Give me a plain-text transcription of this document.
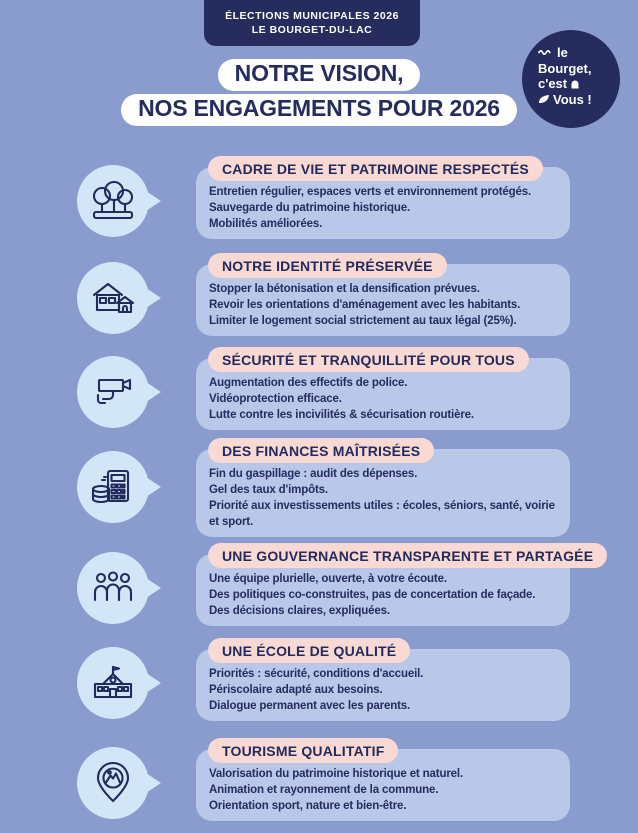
ÉLECTIONS MUNICIPALES 2026
LE BOURGET-DU-LAC
le
Bourget,
c'est
Vous !
NOTRE VISION,
NOS ENGAGEMENTS POUR 2026
CADRE DE VIE ET PATRIMOINE RESPECTÉS
Entretien régulier, espaces verts et environnement protégés.
Sauvegarde du patrimoine historique.
Mobilités améliorées.
NOTRE IDENTITÉ PRÉSERVÉE
Stopper la bétonisation et la densification prévues.
Revoir les orientations d'aménagement avec les habitants.
Limiter le logement social strictement au taux légal (25%).
SÉCURITÉ ET TRANQUILLITÉ POUR TOUS
Augmentation des effectifs de police.
Vidéoprotection efficace.
Lutte contre les incivilités & sécurisation routière.
DES FINANCES MAÎTRISÉES
Fin du gaspillage : audit des dépenses.
Gel des taux d'impôts.
Priorité aux investissements utiles : écoles, séniors, santé, voirie et sport.
UNE GOUVERNANCE TRANSPARENTE ET PARTAGÉE
Une équipe plurielle, ouverte, à votre écoute.
Des politiques co-construites, pas de concertation de façade.
Des décisions claires, expliquées.
UNE ÉCOLE DE QUALITÉ
Priorités : sécurité, conditions d'accueil.
Périscolaire adapté aux besoins.
Dialogue permanent avec les parents.
TOURISME QUALITATIF
Valorisation du patrimoine historique et naturel.
Animation et rayonnement de la commune.
Orientation sport, nature et bien-être.
